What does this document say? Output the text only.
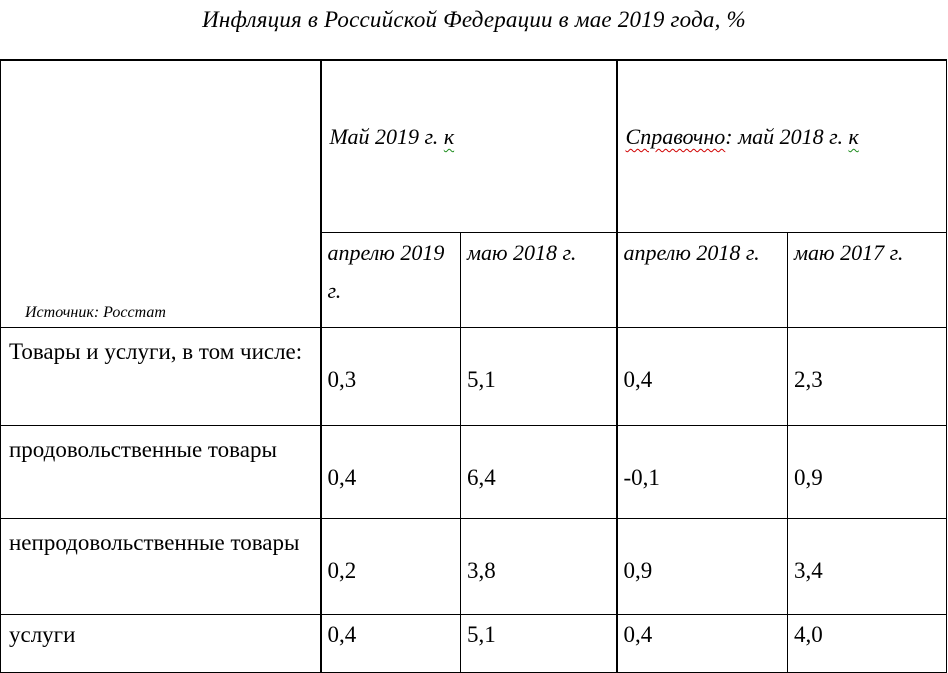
Инфляция в Российской Федерации в мае 2019 года, %
Источник: Росстат	Май 2019 г. к		Справочно: май 2018 г. к	

	апрелю 2019 г.	маю 2018 г.	апрелю 2018 г.	маю 2017 г.

Товары и услуги, в том числе:	0,3	5,1	0,4	2,3

продовольственные товары	0,4	6,4	-0,1	0,9

непродовольственные товары	0,2	3,8	0,9	3,4

услуги	0,4	5,1	0,4	4,0
